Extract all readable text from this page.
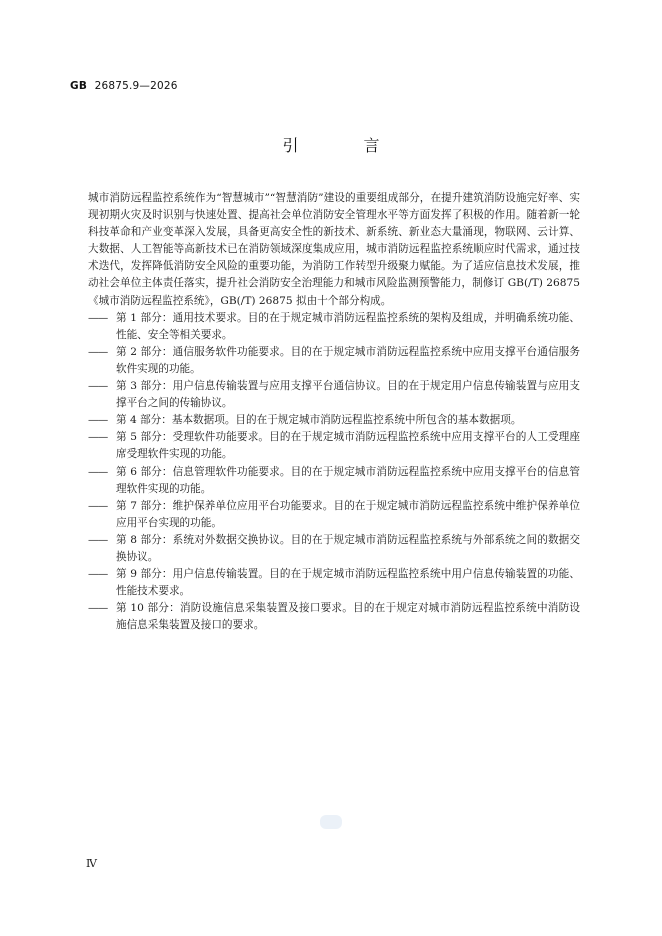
GB 26875.9—2026
引 言

城市消防远程监控系统作为“智慧城市”“智慧消防”建设的重要组成部分，在提升建筑消防设施完好率、实现初期火灾及时识别与快速处置、提高社会单位消防安全管理水平等方面发挥了积极的作用。随着新一轮科技革命和产业变革深入发展，具备更高安全性的新技术、新系统、新业态大量涌现，物联网、云计算、大数据、人工智能等高新技术已在消防领域深度集成应用，城市消防远程监控系统顺应时代需求，通过技术迭代，发挥降低消防安全风险的重要功能，为消防工作转型升级聚力赋能。为了适应信息技术发展，推动社会单位主体责任落实，提升社会消防安全治理能力和城市风险监测预警能力，制修订 GB(/T) 26875《城市消防远程监控系统》，GB(/T) 26875 拟由十个部分构成。

—— 第 1 部分：通用技术要求。目的在于规定城市消防远程监控系统的架构及组成，并明确系统功能、性能、安全等相关要求。
—— 第 2 部分：通信服务软件功能要求。目的在于规定城市消防远程监控系统中应用支撑平台通信服务软件实现的功能。
—— 第 3 部分：用户信息传输装置与应用支撑平台通信协议。目的在于规定用户信息传输装置与应用支撑平台之间的传输协议。
—— 第 4 部分：基本数据项。目的在于规定城市消防远程监控系统中所包含的基本数据项。
—— 第 5 部分：受理软件功能要求。目的在于规定城市消防远程监控系统中应用支撑平台的人工受理座席受理软件实现的功能。
—— 第 6 部分：信息管理软件功能要求。目的在于规定城市消防远程监控系统中应用支撑平台的信息管理软件实现的功能。
—— 第 7 部分：维护保养单位应用平台功能要求。目的在于规定城市消防远程监控系统中维护保养单位应用平台实现的功能。
—— 第 8 部分：系统对外数据交换协议。目的在于规定城市消防远程监控系统与外部系统之间的数据交换协议。
—— 第 9 部分：用户信息传输装置。目的在于规定城市消防远程监控系统中用户信息传输装置的功能、性能技术要求。
—— 第 10 部分：消防设施信息采集装置及接口要求。目的在于规定对城市消防远程监控系统中消防设施信息采集装置及接口的要求。
Ⅳ
